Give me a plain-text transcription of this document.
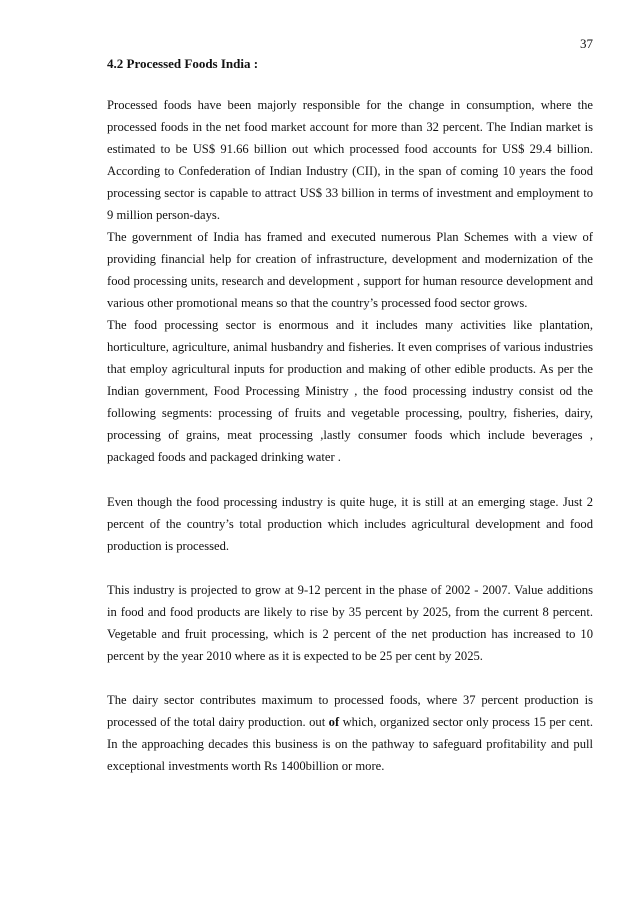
37
4.2 Processed Foods India :

Processed foods have been majorly responsible for the change in consumption, where the processed foods in the net food market account for more than 32 percent. The Indian market is estimated to be US$ 91.66 billion out which processed food accounts for US$ 29.4 billion. According to Confederation of Indian Industry (CII), in the span of coming 10 years the food processing sector is capable to attract US$ 33 billion in terms of investment and employment to 9 million person-days.

The government of India has framed and executed numerous Plan Schemes with a view of providing financial help for creation of infrastructure, development and modernization of the food processing units, research and development , support for human resource development and various other promotional means so that the country’s processed food sector grows.

The food processing sector is enormous and it includes many activities like plantation, horticulture, agriculture, animal husbandry and fisheries. It even comprises of various industries that employ agricultural inputs for production and making of other edible products. As per the Indian government, Food Processing Ministry , the food processing industry consist od the following segments: processing of fruits and vegetable processing, poultry, fisheries, dairy, processing of grains, meat processing ,lastly consumer foods which include beverages , packaged foods and packaged drinking water .

Even though the food processing industry is quite huge, it is still at an emerging stage. Just 2 percent of the country’s total production which includes agricultural development and food production is processed.

This industry is projected to grow at 9-12 percent in the phase of 2002 - 2007. Value additions in food and food products are likely to rise by 35 percent by 2025, from the current 8 percent. Vegetable and fruit processing, which is 2 percent of the net production has increased to 10 percent by the year 2010 where as it is expected to be 25 per cent by 2025.

The dairy sector contributes maximum to processed foods, where 37 percent production is processed of the total dairy production. out of which, organized sector only process 15 per cent. In the approaching decades this business is on the pathway to safeguard profitability and pull exceptional investments worth Rs 1400billion or more.
